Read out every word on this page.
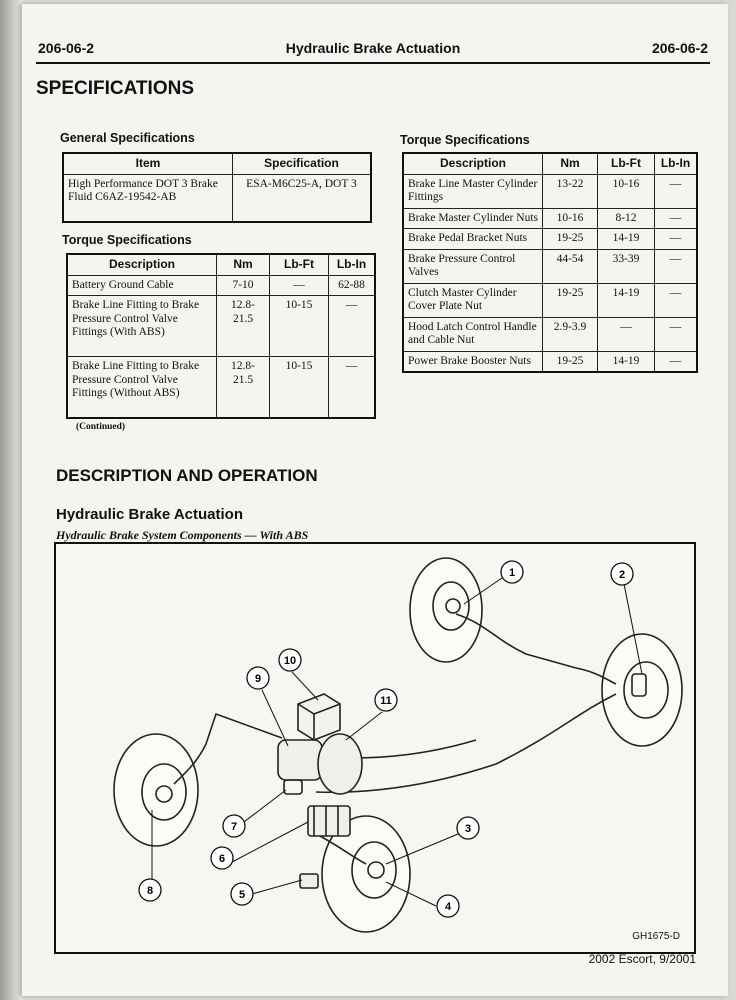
206-06-2	Hydraulic Brake Actuation	206-06-2
SPECIFICATIONS

General Specifications

Item	Specification
High Performance DOT 3 Brake Fluid C6AZ-19542-AB	ESA-M6C25-A, DOT 3

Torque Specifications

Description	Nm	Lb-Ft	Lb-In
Battery Ground Cable	7-10	—	62-88
Brake Line Fitting to Brake Pressure Control Valve Fittings (With ABS)	12.8-21.5	10-15	—
Brake Line Fitting to Brake Pressure Control Valve Fittings (Without ABS)	12.8-21.5	10-15	—
(Continued)

Torque Specifications

Description	Nm	Lb-Ft	Lb-In
Brake Line Master Cylinder Fittings	13-22	10-16	—
Brake Master Cylinder Nuts	10-16	8-12	—
Brake Pedal Bracket Nuts	19-25	14-19	—
Brake Pressure Control Valves	44-54	33-39	—
Clutch Master Cylinder Cover Plate Nut	19-25	14-19	—
Hood Latch Control Handle and Cable Nut	2.9-3.9	—	—
Power Brake Booster Nuts	19-25	14-19	—
DESCRIPTION AND OPERATION
Hydraulic Brake Actuation
Hydraulic Brake System Components — With ABS
1	2
3
4
5
6
7
8
9
10
11
GH1675-D
2002 Escort, 9/2001
